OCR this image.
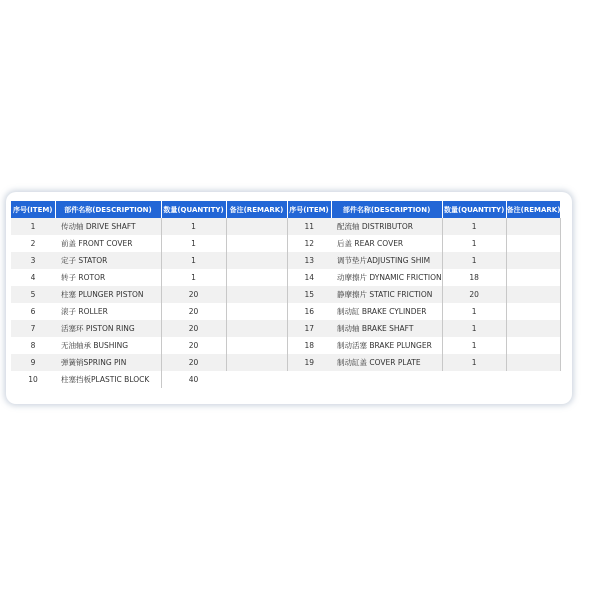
序号(ITEM)	部件名称(DESCRIPTION)	数量(QUANTITY)	备注(REMARK)	序号(ITEM)	部件名称(DESCRIPTION)	数量(QUANTITY)	备注(REMARK)
1	传动轴 DRIVE SHAFT	1		11	配流轴 DISTRIBUTOR	1	
2	前盖 FRONT COVER	1		12	后盖 REAR COVER	1	
3	定子 STATOR	1		13	调节垫片ADJUSTING SHIM	1	
4	转子 ROTOR	1		14	动摩擦片 DYNAMIC FRICTION	18	
5	柱塞 PLUNGER PISTON	20		15	静摩擦片 STATIC FRICTION	20	
6	滚子 ROLLER	20		16	制动缸 BRAKE CYLINDER	1	
7	活塞环 PISTON RING	20		17	制动轴 BRAKE SHAFT	1	
8	无油轴承 BUSHING	20		18	制动活塞 BRAKE PLUNGER	1	
9	弹簧销SPRING PIN	20		19	制动缸盖 COVER PLATE	1	
10	柱塞挡板PLASTIC BLOCK	40					
